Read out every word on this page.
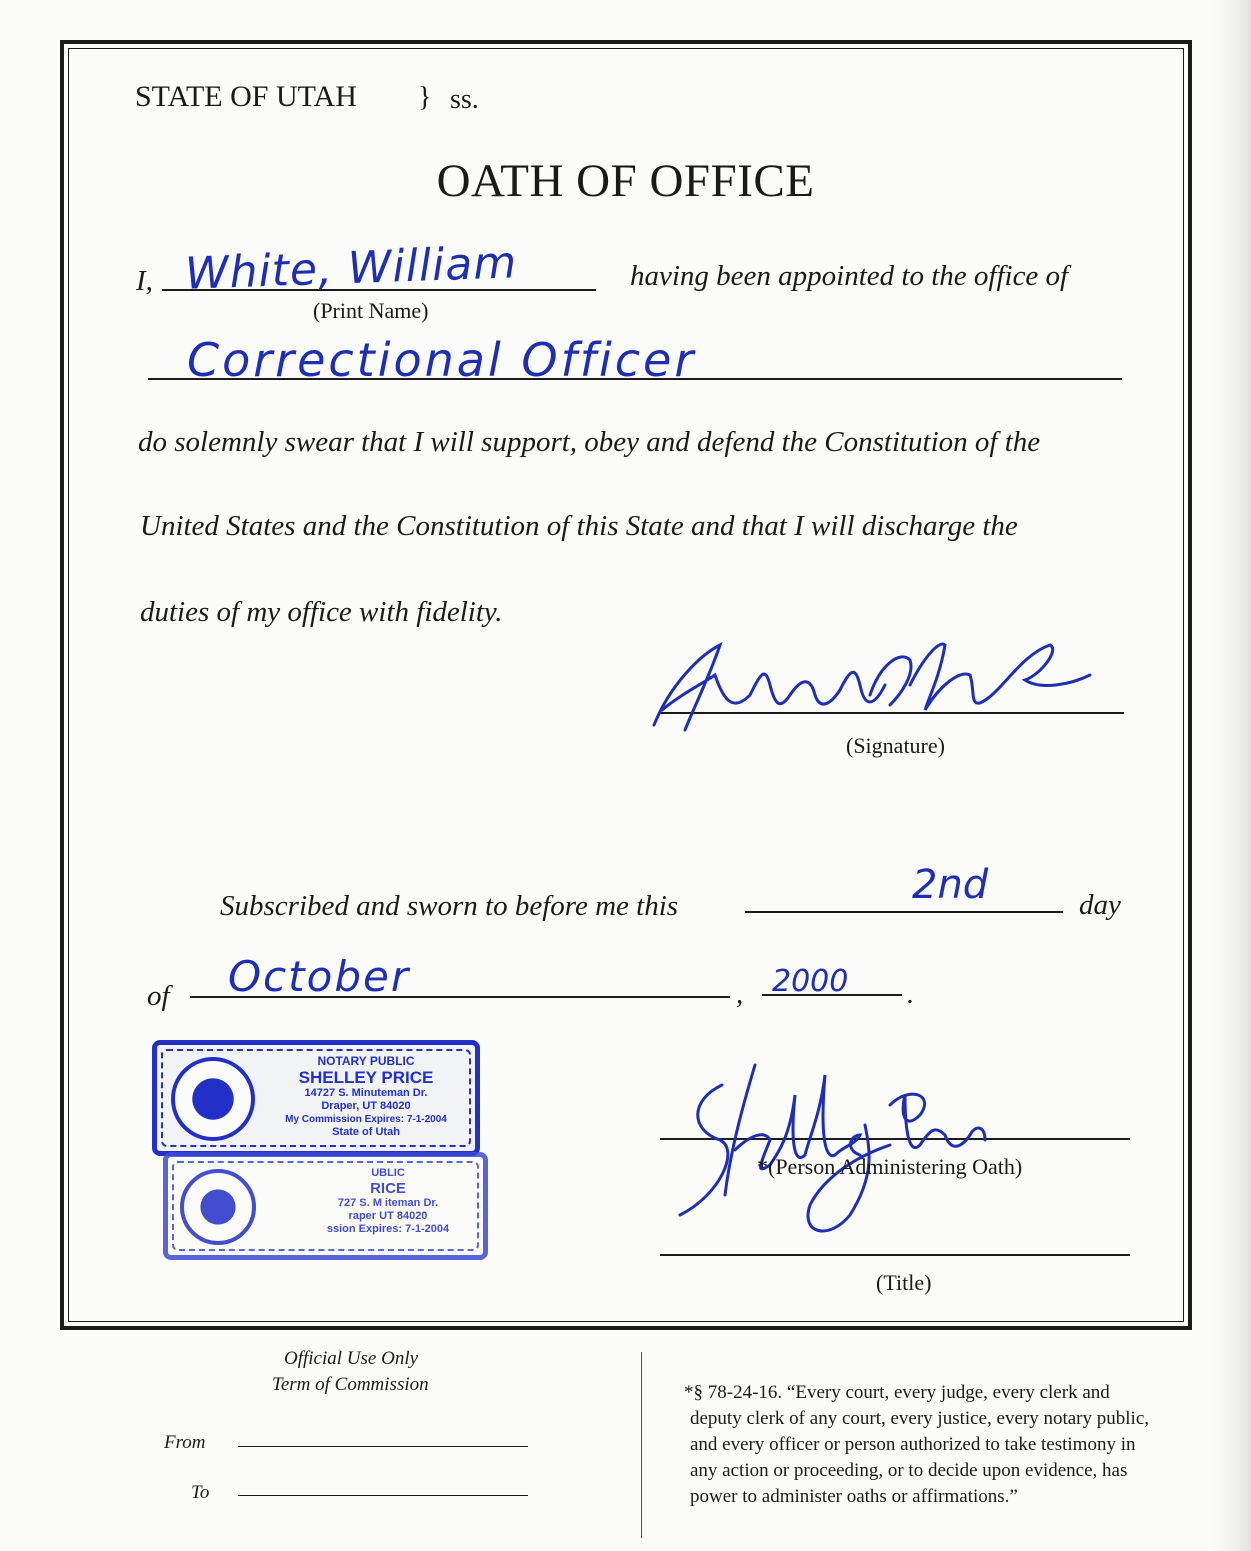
STATE OF UTAH } ss.
OATH OF OFFICE
I, White, William
(Print Name)
having been appointed to the office of
Correctional Officer
do solemnly swear that I will support, obey and defend the Constitution of the
United States and the Constitution of this State and that I will discharge the
duties of my office with fidelity.
(Signature)
Subscribed and sworn to before me this	2nd	day
of October	, 2000 .
NOTARY PUBLIC
SHELLEY PRICE
14727 S. Minuteman Dr.
Draper, UT 84020
My Commission Expires: 7-1-2004
State of Utah
UBLIC
RICE
727 S. M iteman Dr.
raper UT 84020
ssion Expires: 7-1-2004
*(Person Administering Oath)
(Title)
Official Use Only
Term of Commission
From
To
*§ 78-24-16. “Every court, every judge, every clerk and
deputy clerk of any court, every justice, every notary public,
and every officer or person authorized to take testimony in
any action or proceeding, or to decide upon evidence, has
power to administer oaths or affirmations.”
